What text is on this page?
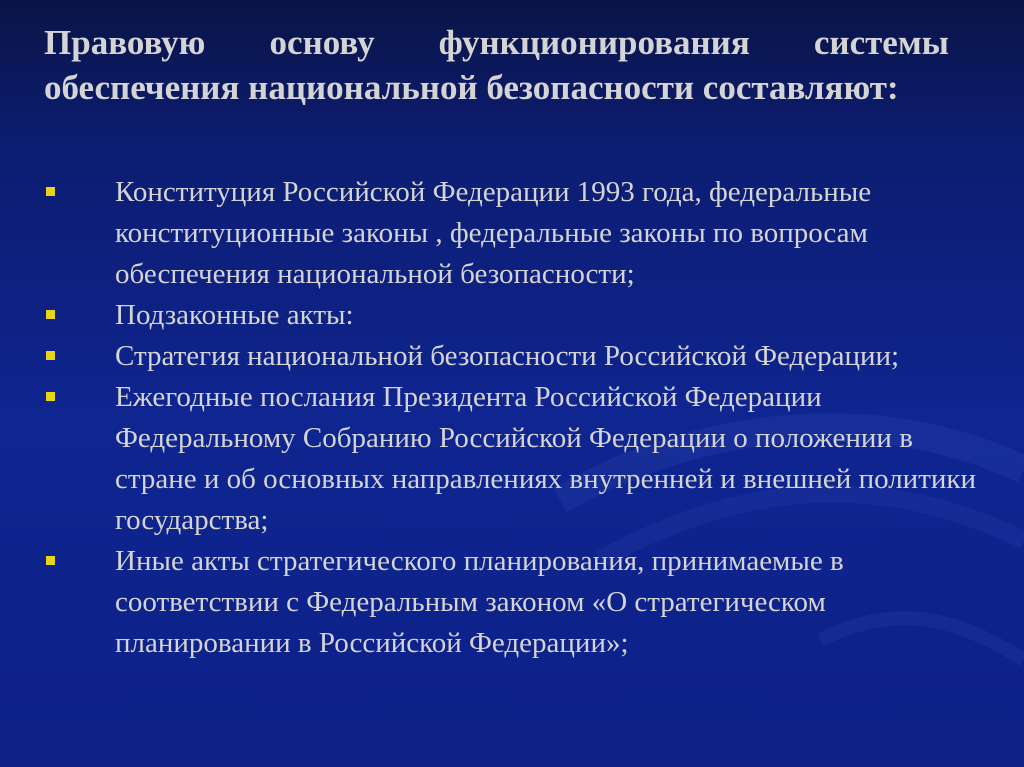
Правовую основу функционирования системы обеспечения национальной безопасности составляют:
Конституция Российской Федерации 1993 года, федеральные конституционные законы , федеральные законы по вопросам обеспечения национальной безопасности;
Подзаконные акты:
Стратегия национальной безопасности Российской Федерации;
Ежегодные послания Президента Российской Федерации Федеральному Собранию Российской Федерации о положении в стране и об основных направлениях внутренней и внешней политики государства;
Иные акты стратегического планирования, принимаемые в соответствии с Федеральным законом «О стратегическом планировании в Российской Федерации»;
